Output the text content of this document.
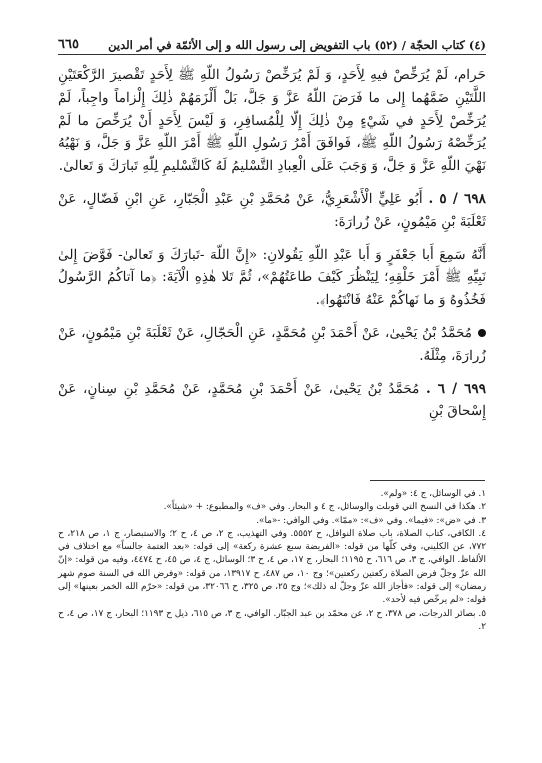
٦٦٥	(٤) كتاب الحجّة / (٥٢) باب التفويض إلى رسول الله و إلى الأئمّة في أمر الدين

حَرام، لَمْ يُرَخِّصْ فيهِ لِأَحَدٍ، وَ لَمْ يُرَخِّصْ رَسُولُ اللّهِ ﷺ لِأَحَدٍ تَقْصيرَ الرَّكْعَتَيْنِ اللَّتَيْنِ ضَمَّهُما إِلى ما فَرَضَ اللّهُ عَزَّ وَ جَلَّ، بَلْ أَلْزَمَهُمْ ذٰلِكَ إِلْزاماً واجِباً، لَمْ يُرَخِّصْ لِأَحَدٍ في شَيْءٍ مِنْ ذٰلِكَ إِلّا لِلْمُسافِرِ، وَ لَيْسَ لِأَحَدٍ أَنْ يُرَخِّصَ ما لَمْ يُرَخِّصْهُ رَسُولُ اللّهِ ﷺ، فَوافَقَ أَمْرُ رَسُولِ اللّهِ ﷺ أَمْرَ اللّهِ عَزَّ وَ جَلَّ، وَ نَهْيُهُ نَهْيَ اللّهِ عَزَّ وَ جَلَّ، وَ وَجَبَ عَلَى الْعِبادِ التَّسْليمُ لَهُ كَالتَّسْليمِ لِلّهِ تَبارَكَ وَ تَعالىٰ.

٦٩٨ / ٥ . أَبُو عَلِيٍّ الْأَشْعَرِيُّ، عَنْ مُحَمَّدِ بْنِ عَبْدِ الْجَبّارِ، عَنِ ابْنِ فَضّالٍ، عَنْ ثَعْلَبَةَ بْنِ مَيْمُونٍ، عَنْ زُرارَةَ:

أَنَّهُ سَمِعَ أَبا جَعْفَرٍ وَ أَبا عَبْدِ اللّهِ يَقُولانِ: «إِنَّ اللّهَ -تَبارَكَ وَ تَعالىٰ- فَوَّضَ إِلىٰ نَبِيِّهِ ﷺ أَمْرَ خَلْقِهِ؛ لِيَنْظُرَ كَيْفَ طاعَتُهُمْ»، ثُمَّ تَلا هٰذِهِ الْآيَةَ: ﴿ما آتاكُمُ الرَّسُولُ فَخُذُوهُ وَ ما نَهاكُمْ عَنْهُ فَانْتَهُوا﴾.

مُحَمَّدُ بْنُ يَحْيىٰ، عَنْ أَحْمَدَ بْنِ مُحَمَّدٍ، عَنِ الْحَجّالِ، عَنْ ثَعْلَبَةَ بْنِ مَيْمُونٍ، عَنْ زُرارَةَ، مِثْلَهُ.

٦٩٩ / ٦ . مُحَمَّدُ بْنُ يَحْيىٰ، عَنْ أَحْمَدَ بْنِ مُحَمَّدٍ، عَنْ مُحَمَّدِ بْنِ سِنانٍ، عَنْ إِسْحاقَ بْنِ

١. في الوسائل، ج ٤: «ولم».

٢. هكذا في النسخ التي قوبلت والوسائل، ج ٤ و البحار. وفي «ف» والمطبوع: + «شيئاً».

٣. في «ض»: «فيما». وفي «ف»: «ممّا». وفي الوافي: -«ما».

٤. الكافي، كتاب الصلاة، باب صلاة النوافل، ح ٥٥٥٢. وفي التهذيب، ج ٢، ص ٤، ح ٢؛ والاستبصار، ج ١، ص ٢١٨، ح ٧٧٢، عن الكليني، وفي كلّها من قوله: «الفريضة سبع عشرة ركعة» إلى قوله: «بعد العتمة جالساً» مع اختلاف في الألفاظ. الوافي، ج ٣، ص ٦١٦، ح ١١٩٥؛ البحار، ج ١٧، ص ٤، ح ٣؛ الوسائل، ج ٤، ص ٤٥، ح ٤٤٧٤، وفيه من قوله: «إنّ الله عزّ وجلّ فرض الصلاة ركعتين ركعتين»؛ وج ١٠، ص ٤٨٧، ح ١٣٩١٧، من قوله: «وفرض الله في السنة صوم شهر رمضان» إلى قوله: «فأجاز الله عزّ وجلّ له ذلك»؛ وج ٢٥، ص ٣٢٥، ح ٣٢٠٦٦، من قوله: «حرّم الله الخمر بعينها» إلى قوله: «لم يرخّص فيه لأحد».

٥. بصائر الدرجات، ص ٣٧٨، ح ٢، عن محمّد بن عبد الجبّار. الوافي، ج ٣، ص ٦١٥، ذيل ح ١١٩٣؛ البحار، ج ١٧، ص ٤، ح ٢.
